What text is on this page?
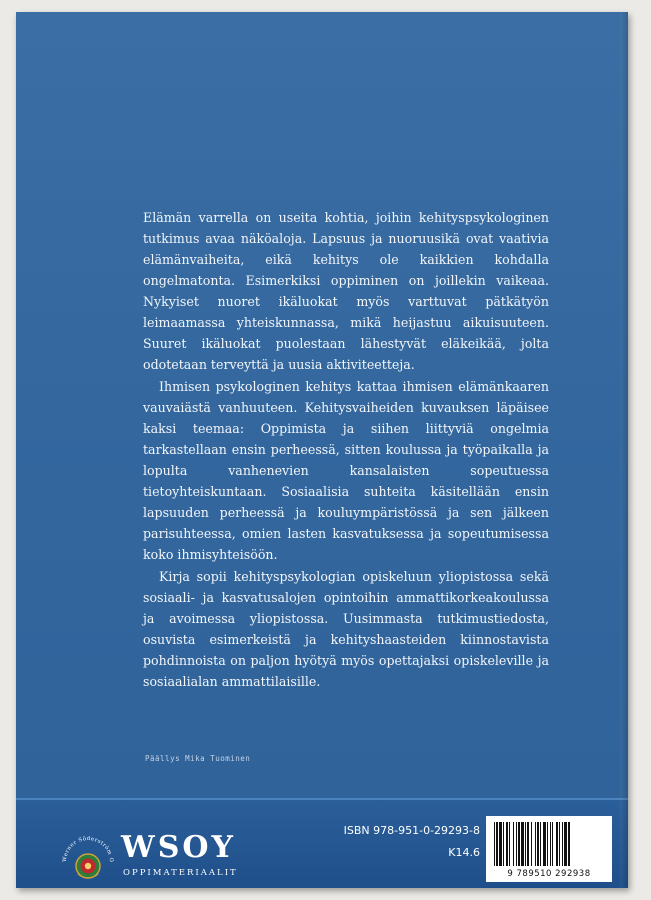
Elämän varrella on useita kohtia, joihin kehityspsykologinen tutkimus avaa näköaloja. Lapsuus ja nuoruusikä ovat vaativia elämänvaiheita, eikä kehitys ole kaikkien kohdalla ongelmatonta. Esimerkiksi oppiminen on joillekin vaikeaa. Nykyiset nuoret ikäluokat myös varttuvat pätkätyön leimaamassa yhteiskunnassa, mikä heijastuu aikuisuuteen. Suuret ikäluokat puolestaan lähestyvät eläkeikää, jolta odotetaan terveyttä ja uusia aktiviteetteja.

Ihmisen psykologinen kehitys kattaa ihmisen elämänkaaren vauvaiästä vanhuuteen. Kehitysvaiheiden kuvauksen läpäisee kaksi teemaa: Oppimista ja siihen liittyviä ongelmia tarkastellaan ensin perheessä, sitten koulussa ja työpaikalla ja lopulta vanhenevien kansalaisten sopeutuessa tietoyhteiskuntaan. Sosiaalisia suhteita käsitellään ensin lapsuuden perheessä ja kouluympäristössä ja sen jälkeen parisuhteessa, omien lasten kasvatuksessa ja sopeutumisessa koko ihmisyhteisöön.

Kirja sopii kehityspsykologian opiskeluun yliopistossa sekä sosiaali- ja kasvatusalojen opintoihin ammattikorkeakoulussa ja avoimessa yliopistossa. Uusimmasta tutkimustiedosta, osuvista esimerkeistä ja kehityshaasteiden kiinnostavista pohdinnoista on paljon hyötyä myös opettajaksi opiskeleville ja sosiaalialan ammattilaisille.

Päällys Mika Tuominen
Werner Söderström O WSOY
OPPIMATERIAALIT
ISBN 978-951-0-29293-8
K14.6
9 789510 292938
